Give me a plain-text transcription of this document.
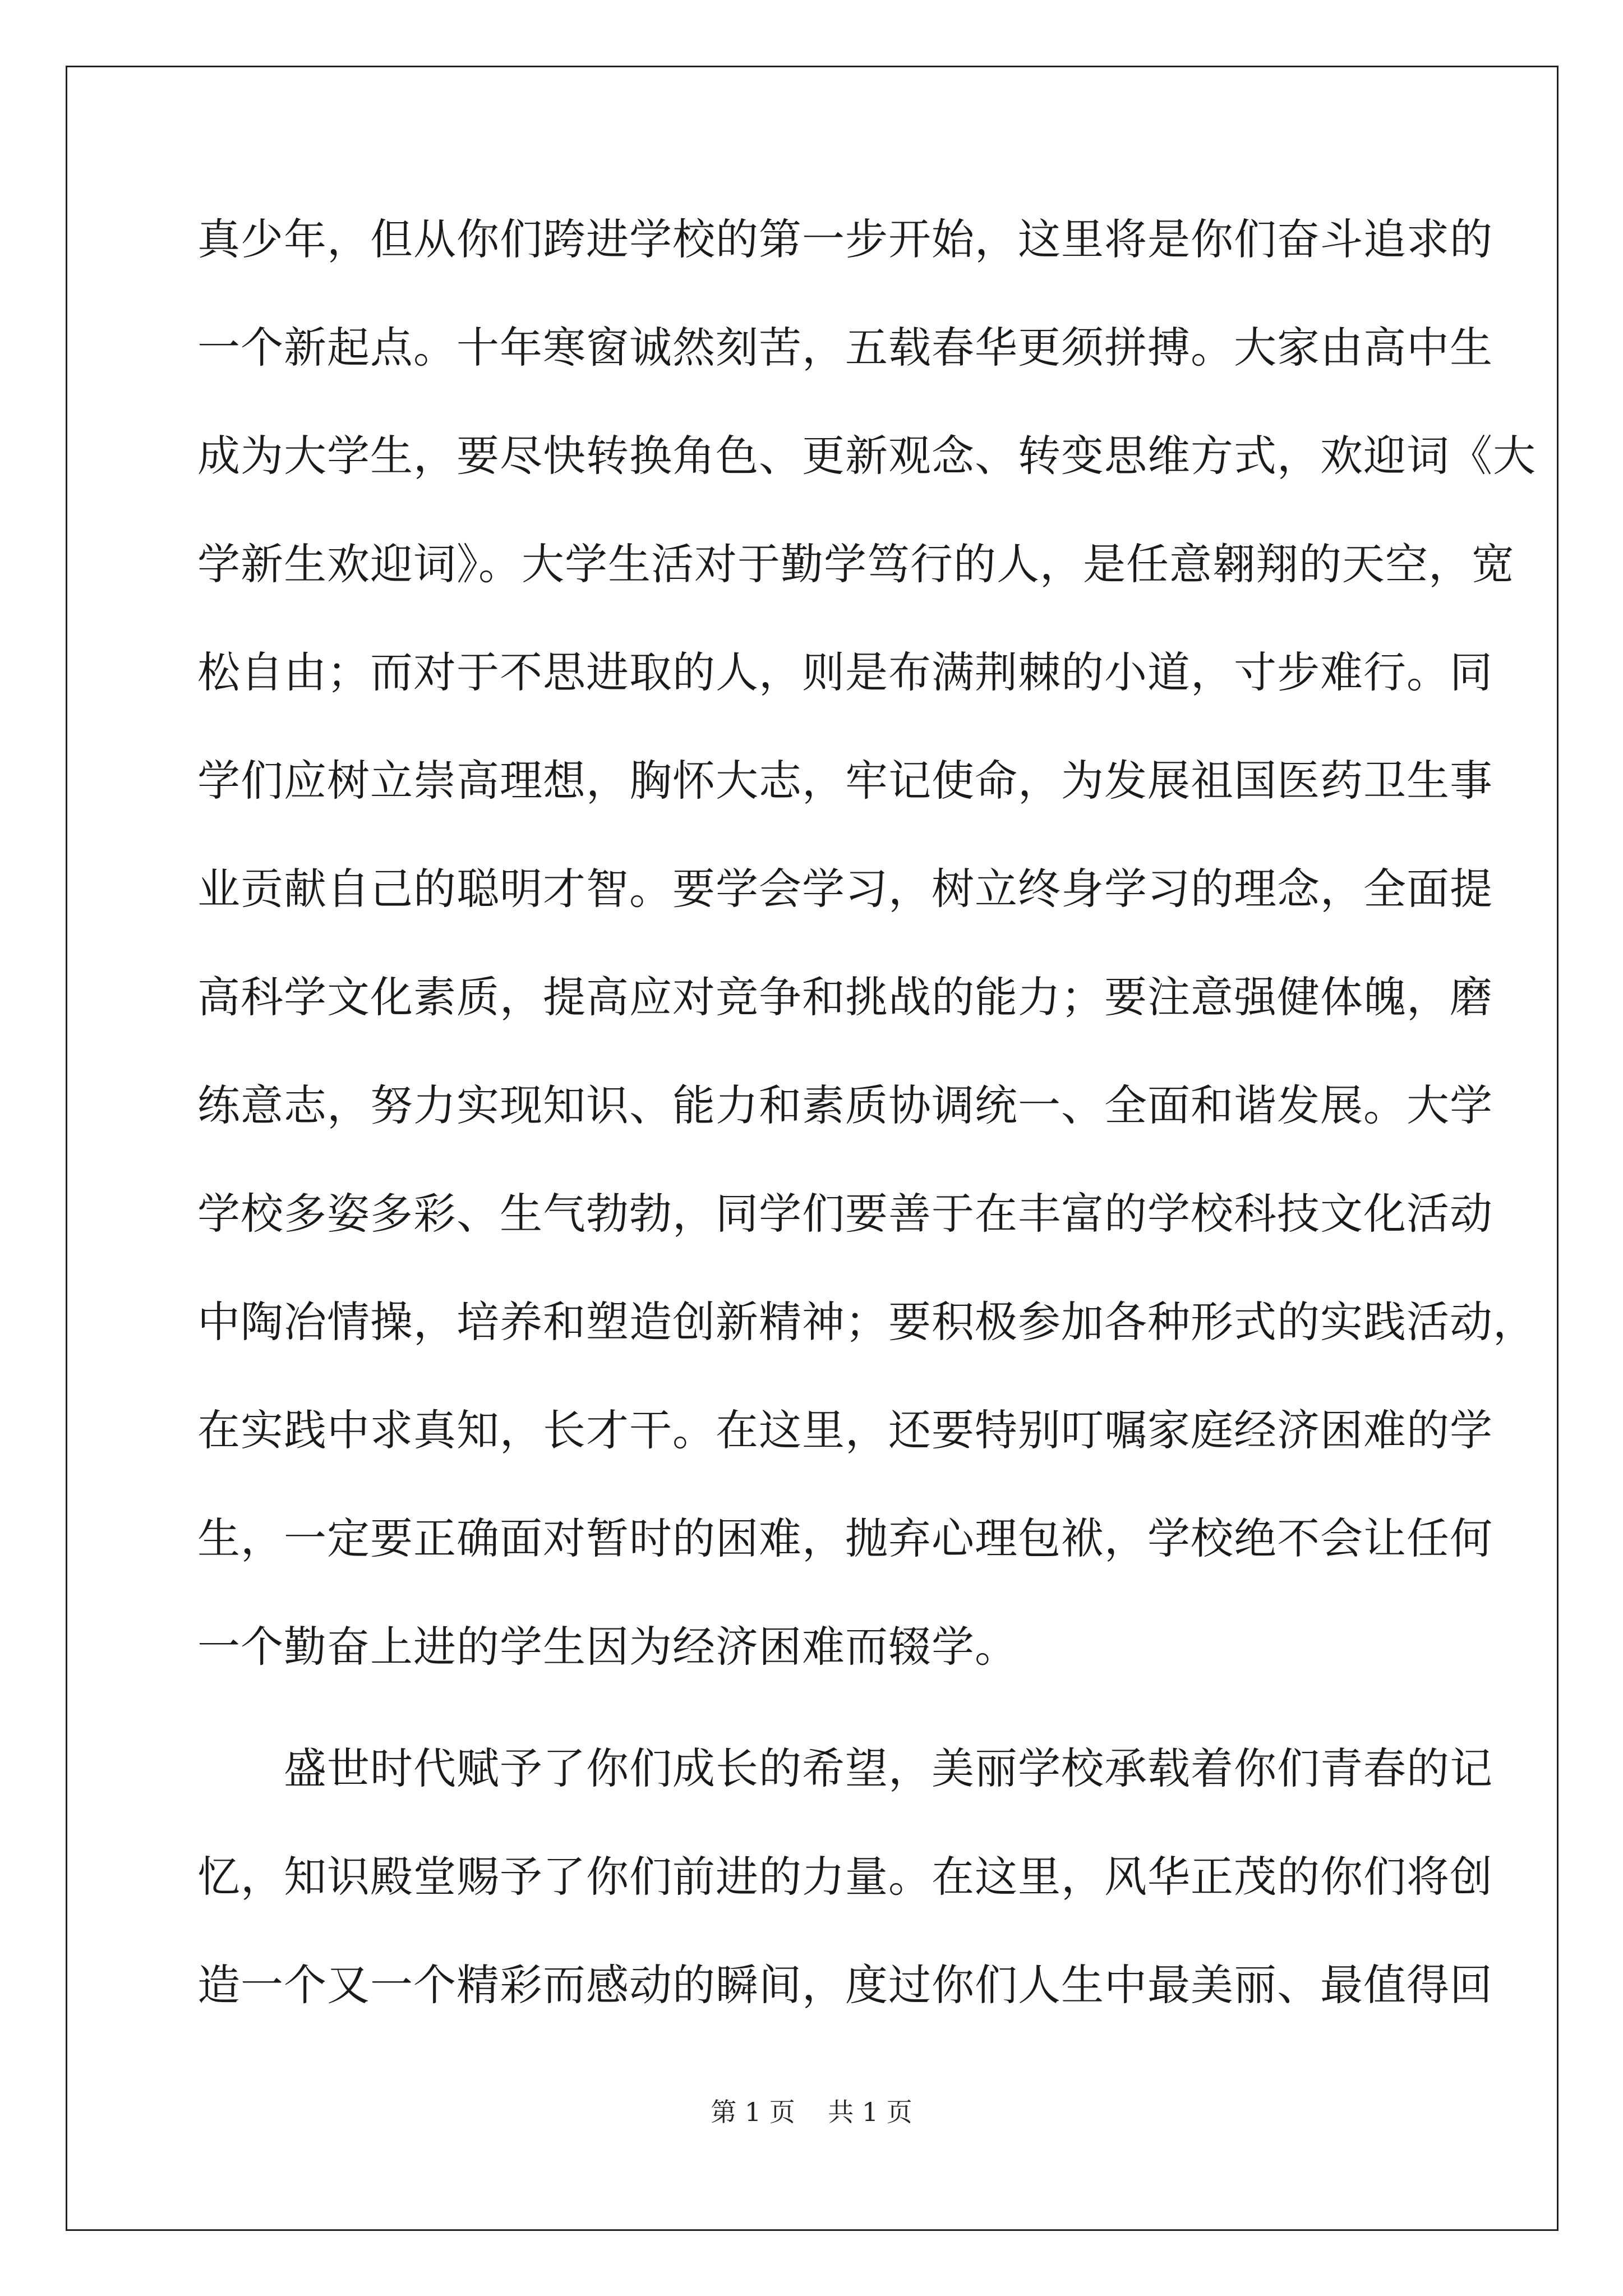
真少年，但从你们跨进学校的第一步开始，这里将是你们奋斗追求的
一个新起点。十年寒窗诚然刻苦，五载春华更须拼搏。大家由高中生
成为大学生，要尽快转换角色、更新观念、转变思维方式，欢迎词《大
学新生欢迎词》。大学生活对于勤学笃行的人，是任意翱翔的天空，宽
松自由；而对于不思进取的人，则是布满荆棘的小道，寸步难行。同
学们应树立崇高理想，胸怀大志，牢记使命，为发展祖国医药卫生事
业贡献自己的聪明才智。要学会学习，树立终身学习的理念，全面提
高科学文化素质，提高应对竞争和挑战的能力；要注意强健体魄，磨
练意志，努力实现知识、能力和素质协调统一、全面和谐发展。大学
学校多姿多彩、生气勃勃，同学们要善于在丰富的学校科技文化活动
中陶冶情操，培养和塑造创新精神；要积极参加各种形式的实践活动，
在实践中求真知，长才干。在这里，还要特别叮嘱家庭经济困难的学
生，一定要正确面对暂时的困难，抛弃心理包袱，学校绝不会让任何
一个勤奋上进的学生因为经济困难而辍学。
　　盛世时代赋予了你们成长的希望，美丽学校承载着你们青春的记
忆，知识殿堂赐予了你们前进的力量。在这里，风华正茂的你们将创
造一个又一个精彩而感动的瞬间，度过你们人生中最美丽、最值得回
第 1 页    共 1 页
